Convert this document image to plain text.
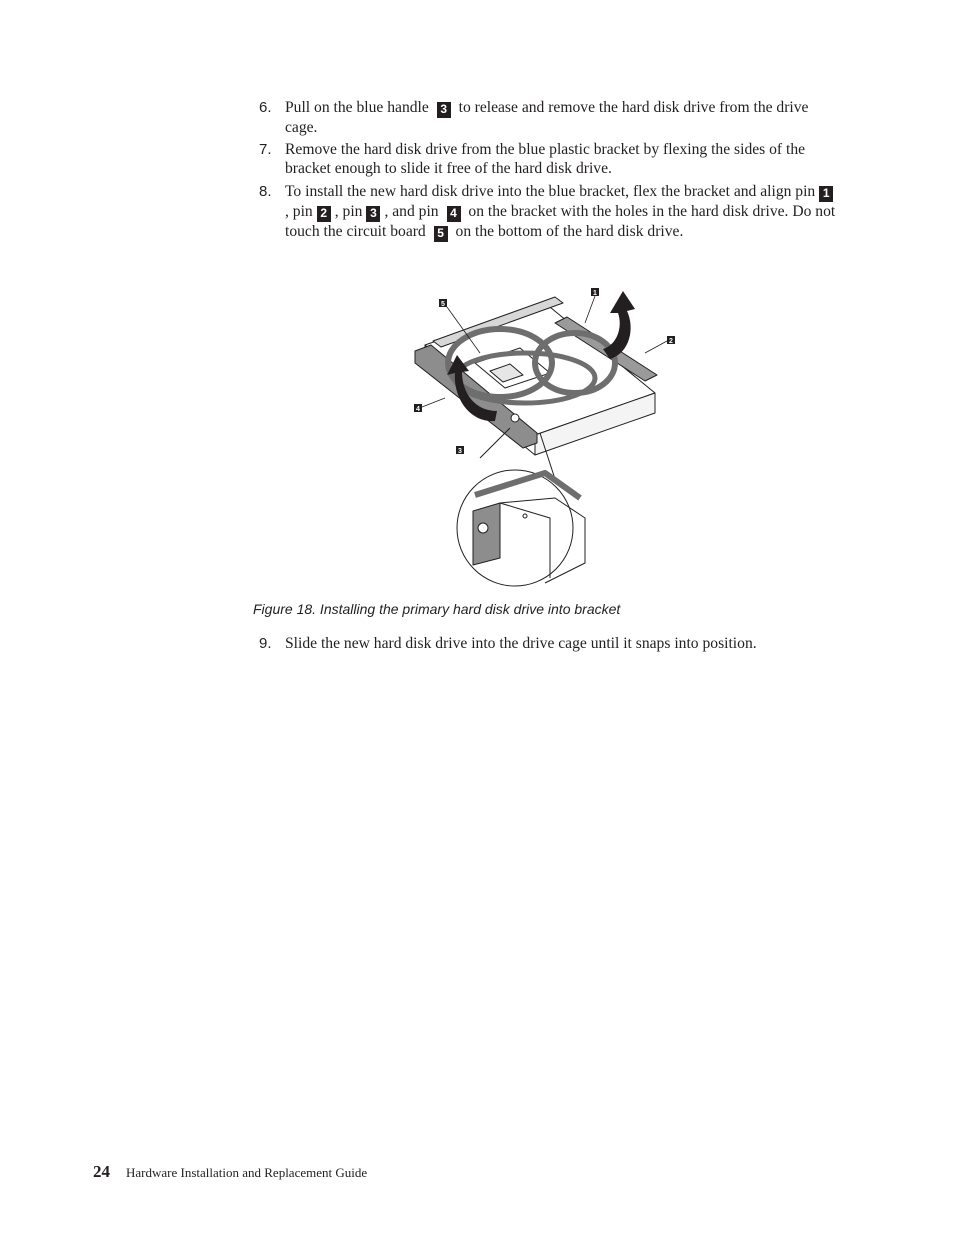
6. Pull on the blue handle 3 to release and remove the hard disk drive from the drive cage.
7. Remove the hard disk drive from the blue plastic bracket by flexing the sides of the bracket enough to slide it free of the hard disk drive.
8. To install the new hard disk drive into the blue bracket, flex the bracket and align pin 1, pin 2 , pin 3 , and pin 4 on the bracket with the holes in the hard disk drive. Do not touch the circuit board 5 on the bottom of the hard disk drive.
5
1
2
4
3
Figure 18. Installing the primary hard disk drive into bracket
9. Slide the new hard disk drive into the drive cage until it snaps into position.
24 Hardware Installation and Replacement Guide
